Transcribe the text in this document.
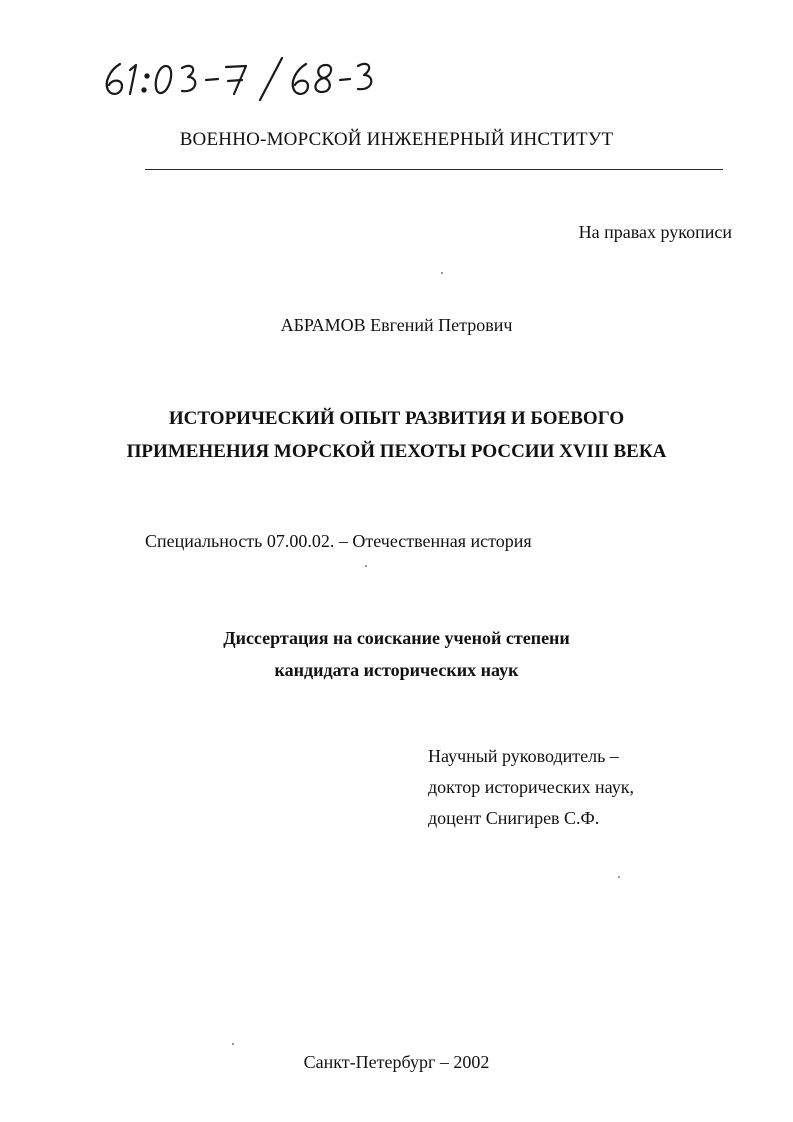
ВОЕННО-МОРСКОЙ ИНЖЕНЕРНЫЙ ИНСТИТУТ
На правах рукописи
АБРАМОВ Евгений Петрович
ИСТОРИЧЕСКИЙ ОПЫТ РАЗВИТИЯ И БОЕВОГО
ПРИМЕНЕНИЯ МОРСКОЙ ПЕХОТЫ РОССИИ XVIII ВЕКА
Специальность 07.00.02. – Отечественная история
Диссертация на соискание ученой степени
кандидата исторических наук
Научный руководитель –
доктор исторических наук,
доцент Снигирев С.Ф.
Санкт-Петербург – 2002
